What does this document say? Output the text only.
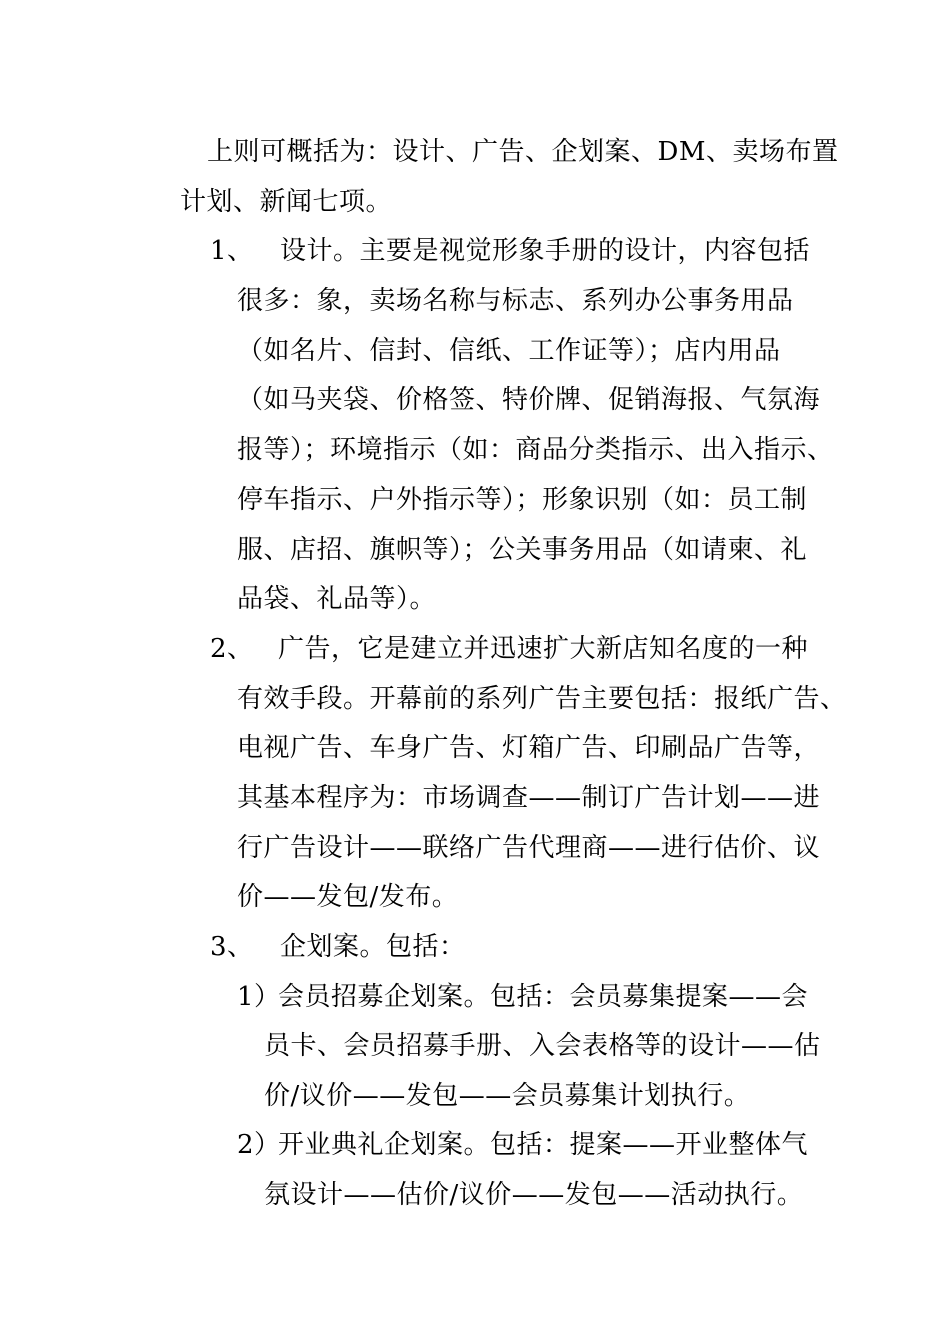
上则可概括为：设计、广告、企划案、DM、卖场布置
计划、新闻七项。
1、 设计。主要是视觉形象手册的设计，内容包括
很多：象，卖场名称与标志、系列办公事务用品
（如名片、信封、信纸、工作证等）；店内用品
（如马夹袋、价格签、特价牌、促销海报、气氛海
报等）；环境指示（如：商品分类指示、出入指示、
停车指示、户外指示等）；形象识别（如：员工制
服、店招、旗帜等）；公关事务用品（如请柬、礼
品袋、礼品等）。
2、 广告，它是建立并迅速扩大新店知名度的一种
有效手段。开幕前的系列广告主要包括：报纸广告、
电视广告、车身广告、灯箱广告、印刷品广告等，
其基本程序为：市场调查——制订广告计划——进
行广告设计——联络广告代理商——进行估价、议
价——发包/发布。
3、 企划案。包括：
1）
会员招募企划案。包括：会员募集提案——会
员卡、会员招募手册、入会表格等的设计——估
价/议价——发包——会员募集计划执行。
2）
开业典礼企划案。包括：提案——开业整体气
氛设计——估价/议价——发包——活动执行。
